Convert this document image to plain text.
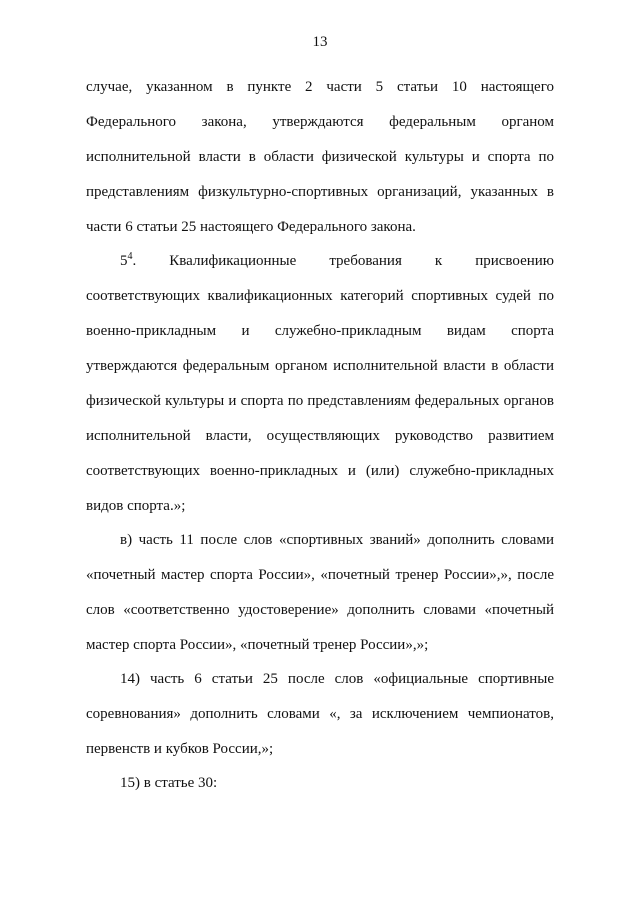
13
случае, указанном в пункте 2 части 5 статьи 10 настоящего
Федерального закона, утверждаются федеральным органом
исполнительной власти в области физической культуры и спорта по
представлениям физкультурно-спортивных организаций, указанных в
части 6 статьи 25 настоящего Федерального закона.
$5^4$. Квалификационные требования к присвоению
соответствующих квалификационных категорий спортивных судей по
военно-прикладным и служебно-прикладным видам спорта
утверждаются федеральным органом исполнительной власти в области
физической культуры и спорта по представлениям федеральных органов
исполнительной власти, осуществляющих руководство развитием
соответствующих военно-прикладных и (или) служебно-прикладных
видов спорта.»;
в) часть 11 после слов «спортивных званий» дополнить словами
«почетный мастер спорта России», «почетный тренер России»,», после
слов «соответственно удостоверение» дополнить словами «почетный
мастер спорта России», «почетный тренер России»,»;
14) часть 6 статьи 25 после слов «официальные спортивные
соревнования» дополнить словами «, за исключением чемпионатов,
первенств и кубков России,»;
15) в статье 30:
